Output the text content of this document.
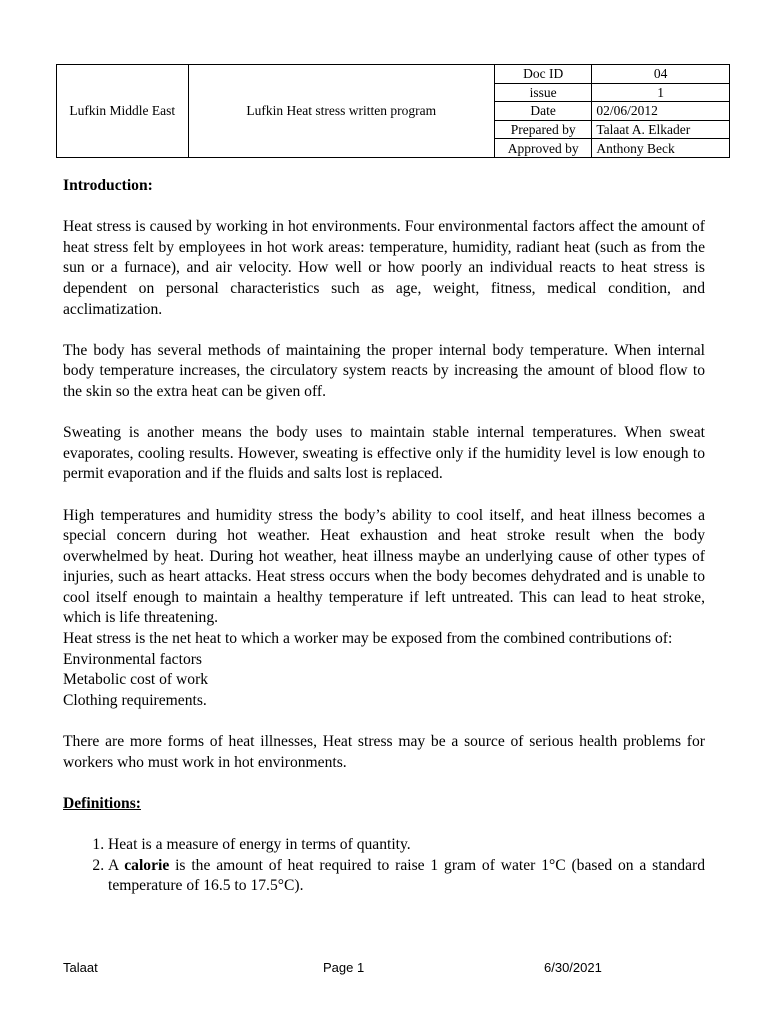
Lufkin Middle East	Lufkin Heat stress written program	Doc ID	04
		issue	1
		Date	02/06/2012
		Prepared by	Talaat A. Elkader
		Approved by	Anthony Beck

Introduction:

Heat stress is caused by working in hot environments. Four environmental factors affect the amount of heat stress felt by employees in hot work areas: temperature, humidity, radiant heat (such as from the sun or a furnace), and air velocity. How well or how poorly an individual reacts to heat stress is dependent on personal characteristics such as age, weight, fitness, medical condition, and acclimatization.

The body has several methods of maintaining the proper internal body temperature. When internal body temperature increases, the circulatory system reacts by increasing the amount of blood flow to the skin so the extra heat can be given off.

Sweating is another means the body uses to maintain stable internal temperatures. When sweat evaporates, cooling results. However, sweating is effective only if the humidity level is low enough to permit evaporation and if the fluids and salts lost is replaced.

High temperatures and humidity stress the body’s ability to cool itself, and heat illness becomes a special concern during hot weather. Heat exhaustion and heat stroke result when the body overwhelmed by heat. During hot weather, heat illness maybe an underlying cause of other types of injuries, such as heart attacks. Heat stress occurs when the body becomes dehydrated and is unable to cool itself enough to maintain a healthy temperature if left untreated. This can lead to heat stroke, which is life threatening.

Heat stress is the net heat to which a worker may be exposed from the combined contributions of:

Environmental factors

Metabolic cost of work

Clothing requirements.

There are more forms of heat illnesses, Heat stress may be a source of serious health problems for workers who must work in hot environments.

Definitions:

1. Heat is a measure of energy in terms of quantity.
2. A calorie is the amount of heat required to raise 1 gram of water 1°C (based on a standard temperature of 16.5 to 17.5°C).
Talaat	Page 1	6/30/2021
